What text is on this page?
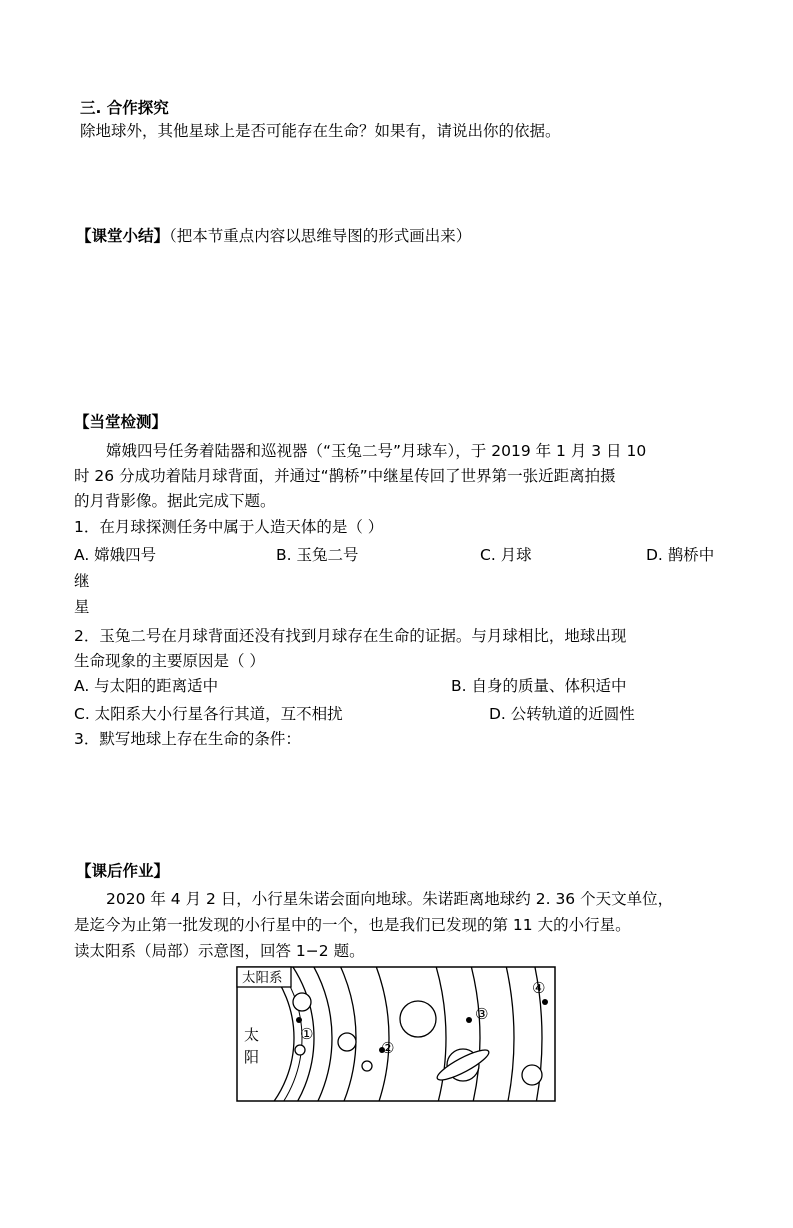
三. 合作探究
除地球外，其他星球上是否可能存在生命？如果有，请说出你的依据。
【课堂小结】（把本节重点内容以思维导图的形式画出来）
【当堂检测】
嫦娥四号任务着陆器和巡视器（“玉兔二号”月球车），于 2019 年 1 月 3 日 10
时 26 分成功着陆月球背面，并通过“鹊桥”中继星传回了世界第一张近距离拍摄
的月背影像。据此完成下题。
1．在月球探测任务中属于人造天体的是（ ）
A. 嫦娥四号	B. 玉兔二号	C. 月球	D. 鹊桥中
继
星
2．玉兔二号在月球背面还没有找到月球存在生命的证据。与月球相比，地球出现
生命现象的主要原因是（ ）
A. 与太阳的距离适中	B. 自身的质量、体积适中
C. 太阳系大小行星各行其道，互不相扰	D. 公转轨道的近圆性
3．默写地球上存在生命的条件：
【课后作业】
2020 年 4 月 2 日，小行星朱诺会面向地球。朱诺距离地球约 2. 36 个天文单位，
是迄今为止第一批发现的小行星中的一个，也是我们已发现的第 11 大的小行星。
读太阳系（局部）示意图，回答 1−2 题。
太阳系
太
阳
①
②
③
④
